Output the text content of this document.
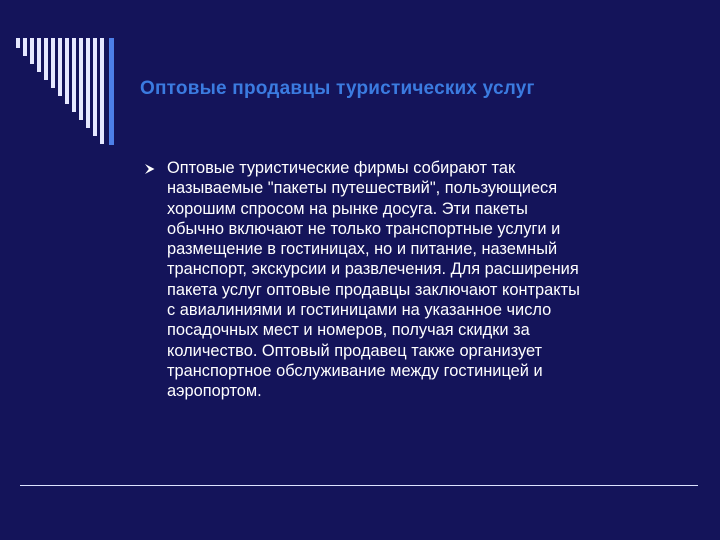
Оптовые продавцы туристических услуг

Оптовые туристические фирмы собирают так
называемые "пакеты путешествий", пользующиеся
хорошим спросом на рынке досуга. Эти пакеты
обычно включают не только транспортные услуги и
размещение в гостиницах, но и питание, наземный
транспорт, экскурсии и развлечения. Для расширения
пакета услуг оптовые продавцы заключают контракты
с авиалиниями и гостиницами на указанное число
посадочных мест и номеров, получая скидки за
количество. Оптовый продавец также организует
транспортное обслуживание между гостиницей и
аэропортом.
